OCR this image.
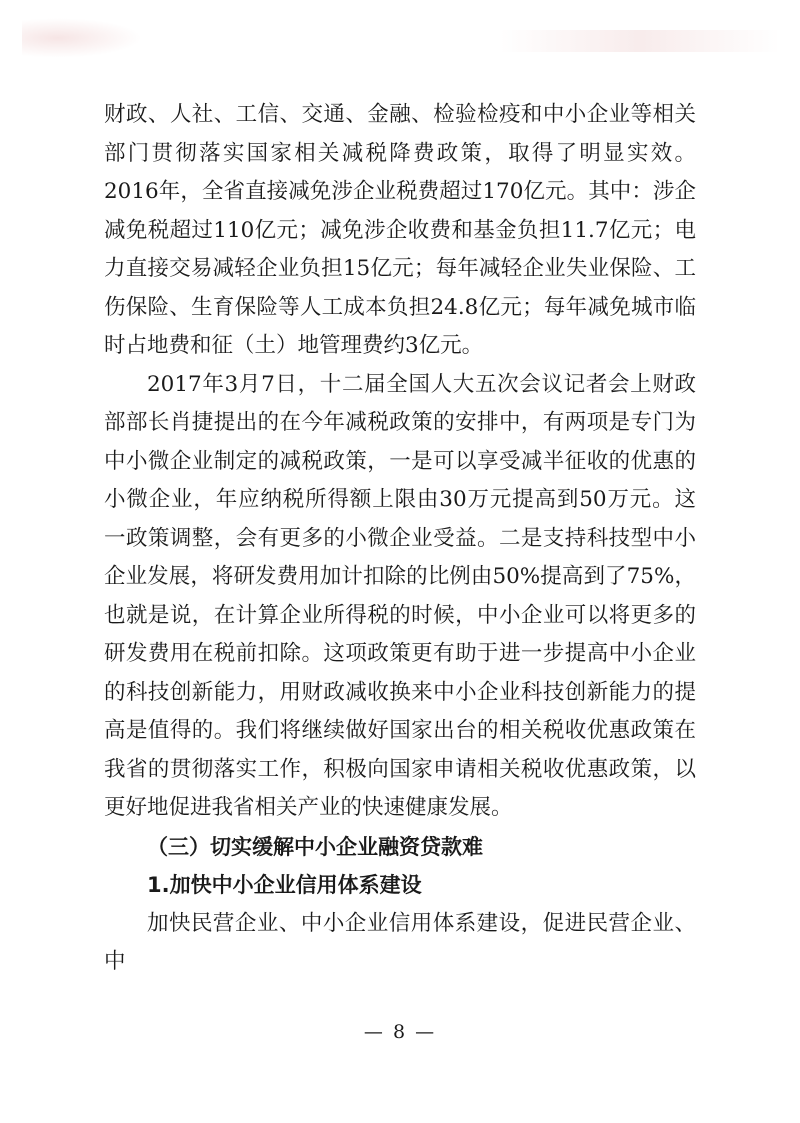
财政、人社、工信、交通、金融、检验检疫和中小企业等相关部门贯彻落实国家相关减税降费政策，取得了明显实效。2016年，全省直接减免涉企业税费超过170亿元。其中：涉企减免税超过110亿元；减免涉企收费和基金负担11.7亿元；电力直接交易减轻企业负担15亿元；每年减轻企业失业保险、工伤保险、生育保险等人工成本负担24.8亿元；每年减免城市临时占地费和征（土）地管理费约3亿元。

2017年3月7日，十二届全国人大五次会议记者会上财政部部长肖捷提出的在今年减税政策的安排中，有两项是专门为中小微企业制定的减税政策，一是可以享受减半征收的优惠的小微企业，年应纳税所得额上限由30万元提高到50万元。这一政策调整，会有更多的小微企业受益。二是支持科技型中小企业发展，将研发费用加计扣除的比例由50%提高到了75%，也就是说，在计算企业所得税的时候，中小企业可以将更多的研发费用在税前扣除。这项政策更有助于进一步提高中小企业的科技创新能力，用财政减收换来中小企业科技创新能力的提高是值得的。我们将继续做好国家出台的相关税收优惠政策在我省的贯彻落实工作，积极向国家申请相关税收优惠政策，以更好地促进我省相关产业的快速健康发展。

（三）切实缓解中小企业融资贷款难

1.加快中小企业信用体系建设

加快民营企业、中小企业信用体系建设，促进民营企业、中

— 8 —
